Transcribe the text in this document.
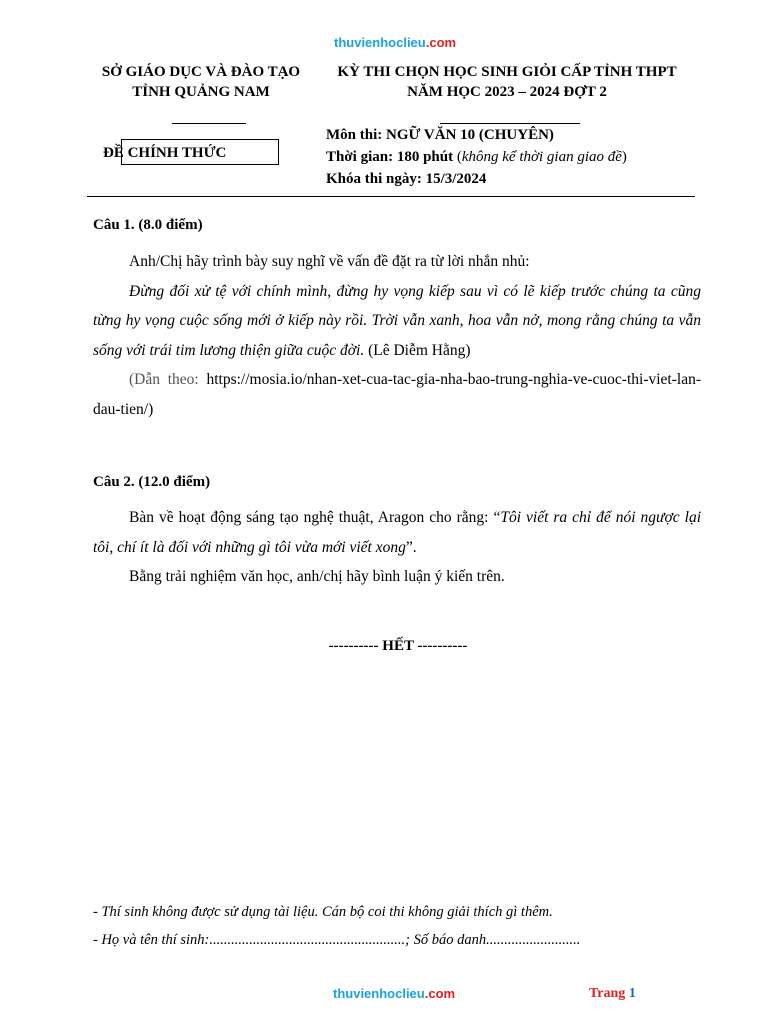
thuvienhoclieu.com
SỞ GIÁO DỤC VÀ ĐÀO TẠO
TỈNH QUẢNG NAM
ĐỀ CHÍNH THỨC
KỲ THI CHỌN HỌC SINH GIỎI CẤP TỈNH THPT
NĂM HỌC 2023 – 2024 ĐỢT 2
Môn thi: NGỮ VĂN 10 (CHUYÊN)
Thời gian: 180 phút (không kể thời gian giao đề)
Khóa thi ngày: 15/3/2024
Câu 1. (8.0 điểm)
Anh/Chị hãy trình bày suy nghĩ về vấn đề đặt ra từ lời nhắn nhủ:
Đừng đối xử tệ với chính mình, đừng hy vọng kiếp sau vì có lẽ kiếp trước chúng ta cũng từng hy vọng cuộc sống mới ở kiếp này rồi. Trời vẫn xanh, hoa vẫn nở, mong rằng chúng ta vẫn sống với trái tim lương thiện giữa cuộc đời. (Lê Diễm Hằng)
(Dẫn theo: https://mosia.io/nhan-xet-cua-tac-gia-nha-bao-trung-nghia-ve-cuoc-thi-viet-lan-dau-tien/)
Câu 2. (12.0 điểm)
Bàn về hoạt động sáng tạo nghệ thuật, Aragon cho rằng: “Tôi viết ra chỉ để nói ngược lại tôi, chí ít là đối với những gì tôi vừa mới viết xong”.
Bằng trải nghiệm văn học, anh/chị hãy bình luận ý kiến trên.
---------- HẾT ----------
- Thí sinh không được sử dụng tài liệu. Cán bộ coi thi không giải thích gì thêm.
- Họ và tên thí sinh:......................................................; Số báo danh..........................
thuvienhoclieu.com	Trang 1
